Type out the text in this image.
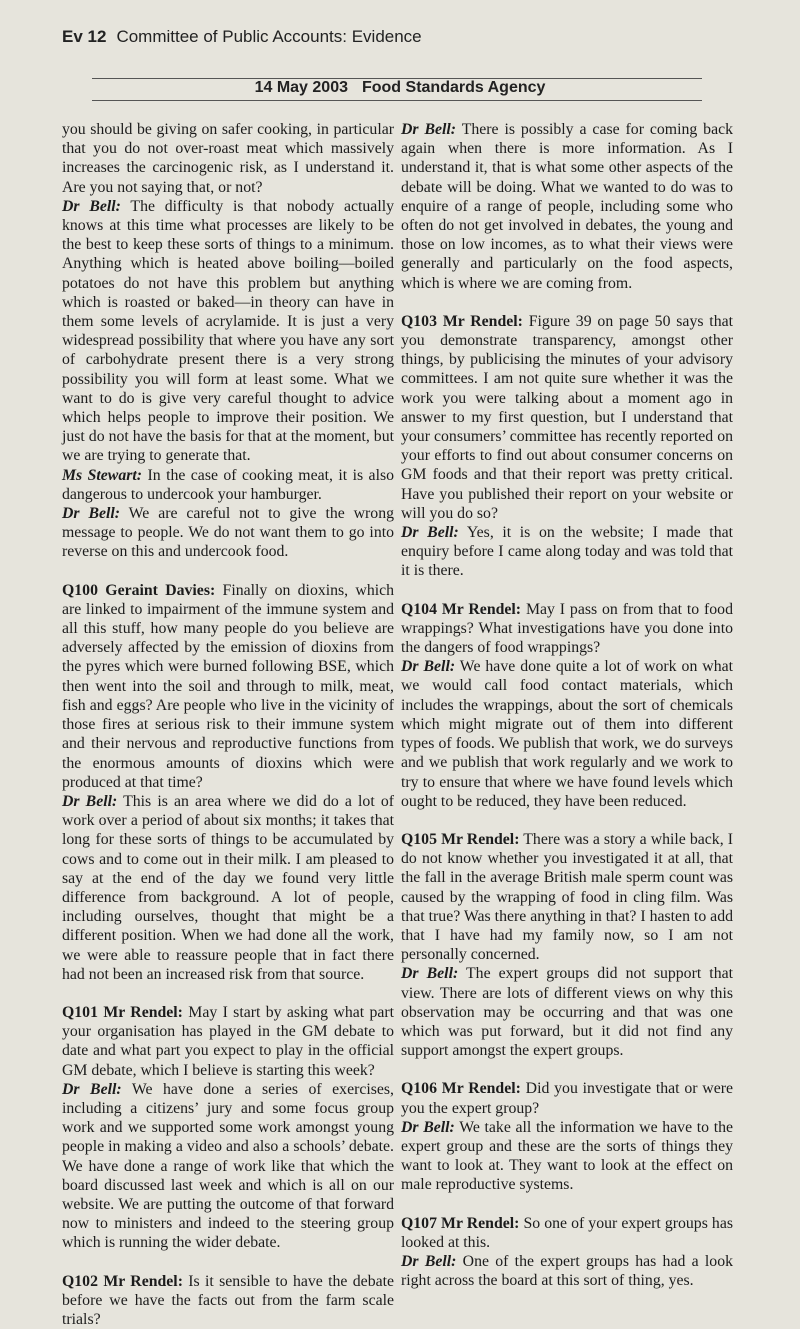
Ev 12 Committee of Public Accounts: Evidence
14 May 2003 Food Standards Agency

you should be giving on safer cooking, in particular that you do not over-roast meat which massively increases the carcinogenic risk, as I understand it. Are you not saying that, or not?

Dr Bell: The difficulty is that nobody actually knows at this time what processes are likely to be the best to keep these sorts of things to a minimum. Anything which is heated above boiling—boiled potatoes do not have this problem but anything which is roasted or baked—in theory can have in them some levels of acrylamide. It is just a very widespread possibility that where you have any sort of carbohydrate present there is a very strong possibility you will form at least some. What we want to do is give very careful thought to advice which helps people to improve their position. We just do not have the basis for that at the moment, but we are trying to generate that.

Ms Stewart: In the case of cooking meat, it is also dangerous to undercook your hamburger.

Dr Bell: We are careful not to give the wrong message to people. We do not want them to go into reverse on this and undercook food.

Q100 Geraint Davies: Finally on dioxins, which are linked to impairment of the immune system and all this stuff, how many people do you believe are adversely affected by the emission of dioxins from the pyres which were burned following BSE, which then went into the soil and through to milk, meat, fish and eggs? Are people who live in the vicinity of those fires at serious risk to their immune system and their nervous and reproductive functions from the enormous amounts of dioxins which were produced at that time?

Dr Bell: This is an area where we did do a lot of work over a period of about six months; it takes that long for these sorts of things to be accumulated by cows and to come out in their milk. I am pleased to say at the end of the day we found very little difference from background. A lot of people, including ourselves, thought that might be a different position. When we had done all the work, we were able to reassure people that in fact there had not been an increased risk from that source.

Q101 Mr Rendel: May I start by asking what part your organisation has played in the GM debate to date and what part you expect to play in the official GM debate, which I believe is starting this week?

Dr Bell: We have done a series of exercises, including a citizens’ jury and some focus group work and we supported some work amongst young people in making a video and also a schools’ debate. We have done a range of work like that which the board discussed last week and which is all on our website. We are putting the outcome of that forward now to ministers and indeed to the steering group which is running the wider debate.

Q102 Mr Rendel: Is it sensible to have the debate before we have the facts out from the farm scale trials?

Dr Bell: There is possibly a case for coming back again when there is more information. As I understand it, that is what some other aspects of the debate will be doing. What we wanted to do was to enquire of a range of people, including some who often do not get involved in debates, the young and those on low incomes, as to what their views were generally and particularly on the food aspects, which is where we are coming from.

Q103 Mr Rendel: Figure 39 on page 50 says that you demonstrate transparency, amongst other things, by publicising the minutes of your advisory committees. I am not quite sure whether it was the work you were talking about a moment ago in answer to my first question, but I understand that your consumers’ committee has recently reported on your efforts to find out about consumer concerns on GM foods and that their report was pretty critical. Have you published their report on your website or will you do so?

Dr Bell: Yes, it is on the website; I made that enquiry before I came along today and was told that it is there.

Q104 Mr Rendel: May I pass on from that to food wrappings? What investigations have you done into the dangers of food wrappings?

Dr Bell: We have done quite a lot of work on what we would call food contact materials, which includes the wrappings, about the sort of chemicals which might migrate out of them into different types of foods. We publish that work, we do surveys and we publish that work regularly and we work to try to ensure that where we have found levels which ought to be reduced, they have been reduced.

Q105 Mr Rendel: There was a story a while back, I do not know whether you investigated it at all, that the fall in the average British male sperm count was caused by the wrapping of food in cling film. Was that true? Was there anything in that? I hasten to add that I have had my family now, so I am not personally concerned.

Dr Bell: The expert groups did not support that view. There are lots of different views on why this observation may be occurring and that was one which was put forward, but it did not find any support amongst the expert groups.

Q106 Mr Rendel: Did you investigate that or were you the expert group?

Dr Bell: We take all the information we have to the expert group and these are the sorts of things they want to look at. They want to look at the effect on male reproductive systems.

Q107 Mr Rendel: So one of your expert groups has looked at this.

Dr Bell: One of the expert groups has had a look right across the board at this sort of thing, yes.
